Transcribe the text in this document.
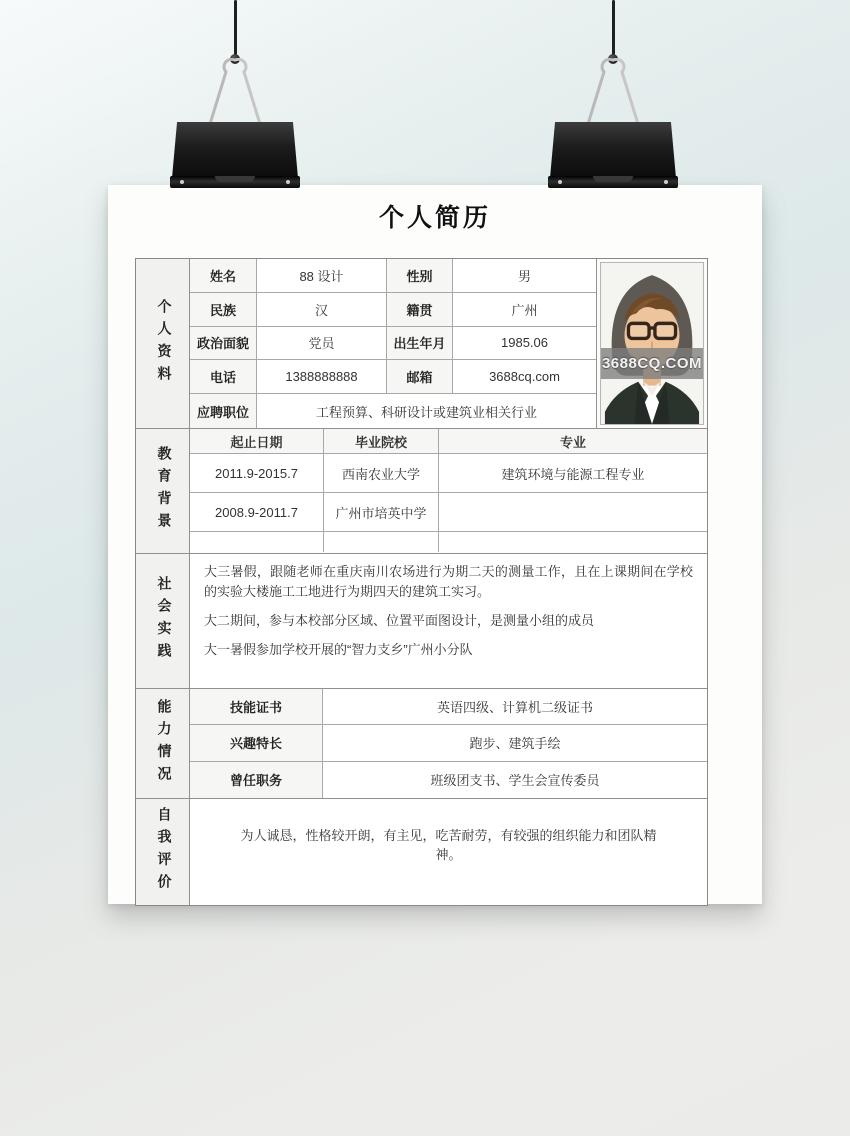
个人简历
个人资料
姓名	88 设计	性别	男
民族	汉	籍贯	广州
政治面貌	党员	出生年月	1985.06
电话	1388888888	邮箱	3688cq.com
应聘职位	工程预算、科研设计或建筑业相关行业
3688CQ.COM
教育背景
起止日期	毕业院校	专业
2011.9-2015.7	西南农业大学	建筑环境与能源工程专业
2008.9-2011.7	广州市培英中学
社会实践

大三暑假，跟随老师在重庆南川农场进行为期二天的测量工作，且在上课期间在学校的实验大楼施工工地进行为期四天的建筑工实习。

大二期间，参与本校部分区域、位置平面图设计，是测量小组的成员

大一暑假参加学校开展的“智力支乡”广州小分队

能力情况	技能证书	英语四级、计算机二级证书
兴趣特长	跑步、建筑手绘
曾任职务	班级团支书、学生会宣传委员
自我评价	为人诚恳，性格较开朗，有主见，吃苦耐劳，有较强的组织能力和团队精神。
